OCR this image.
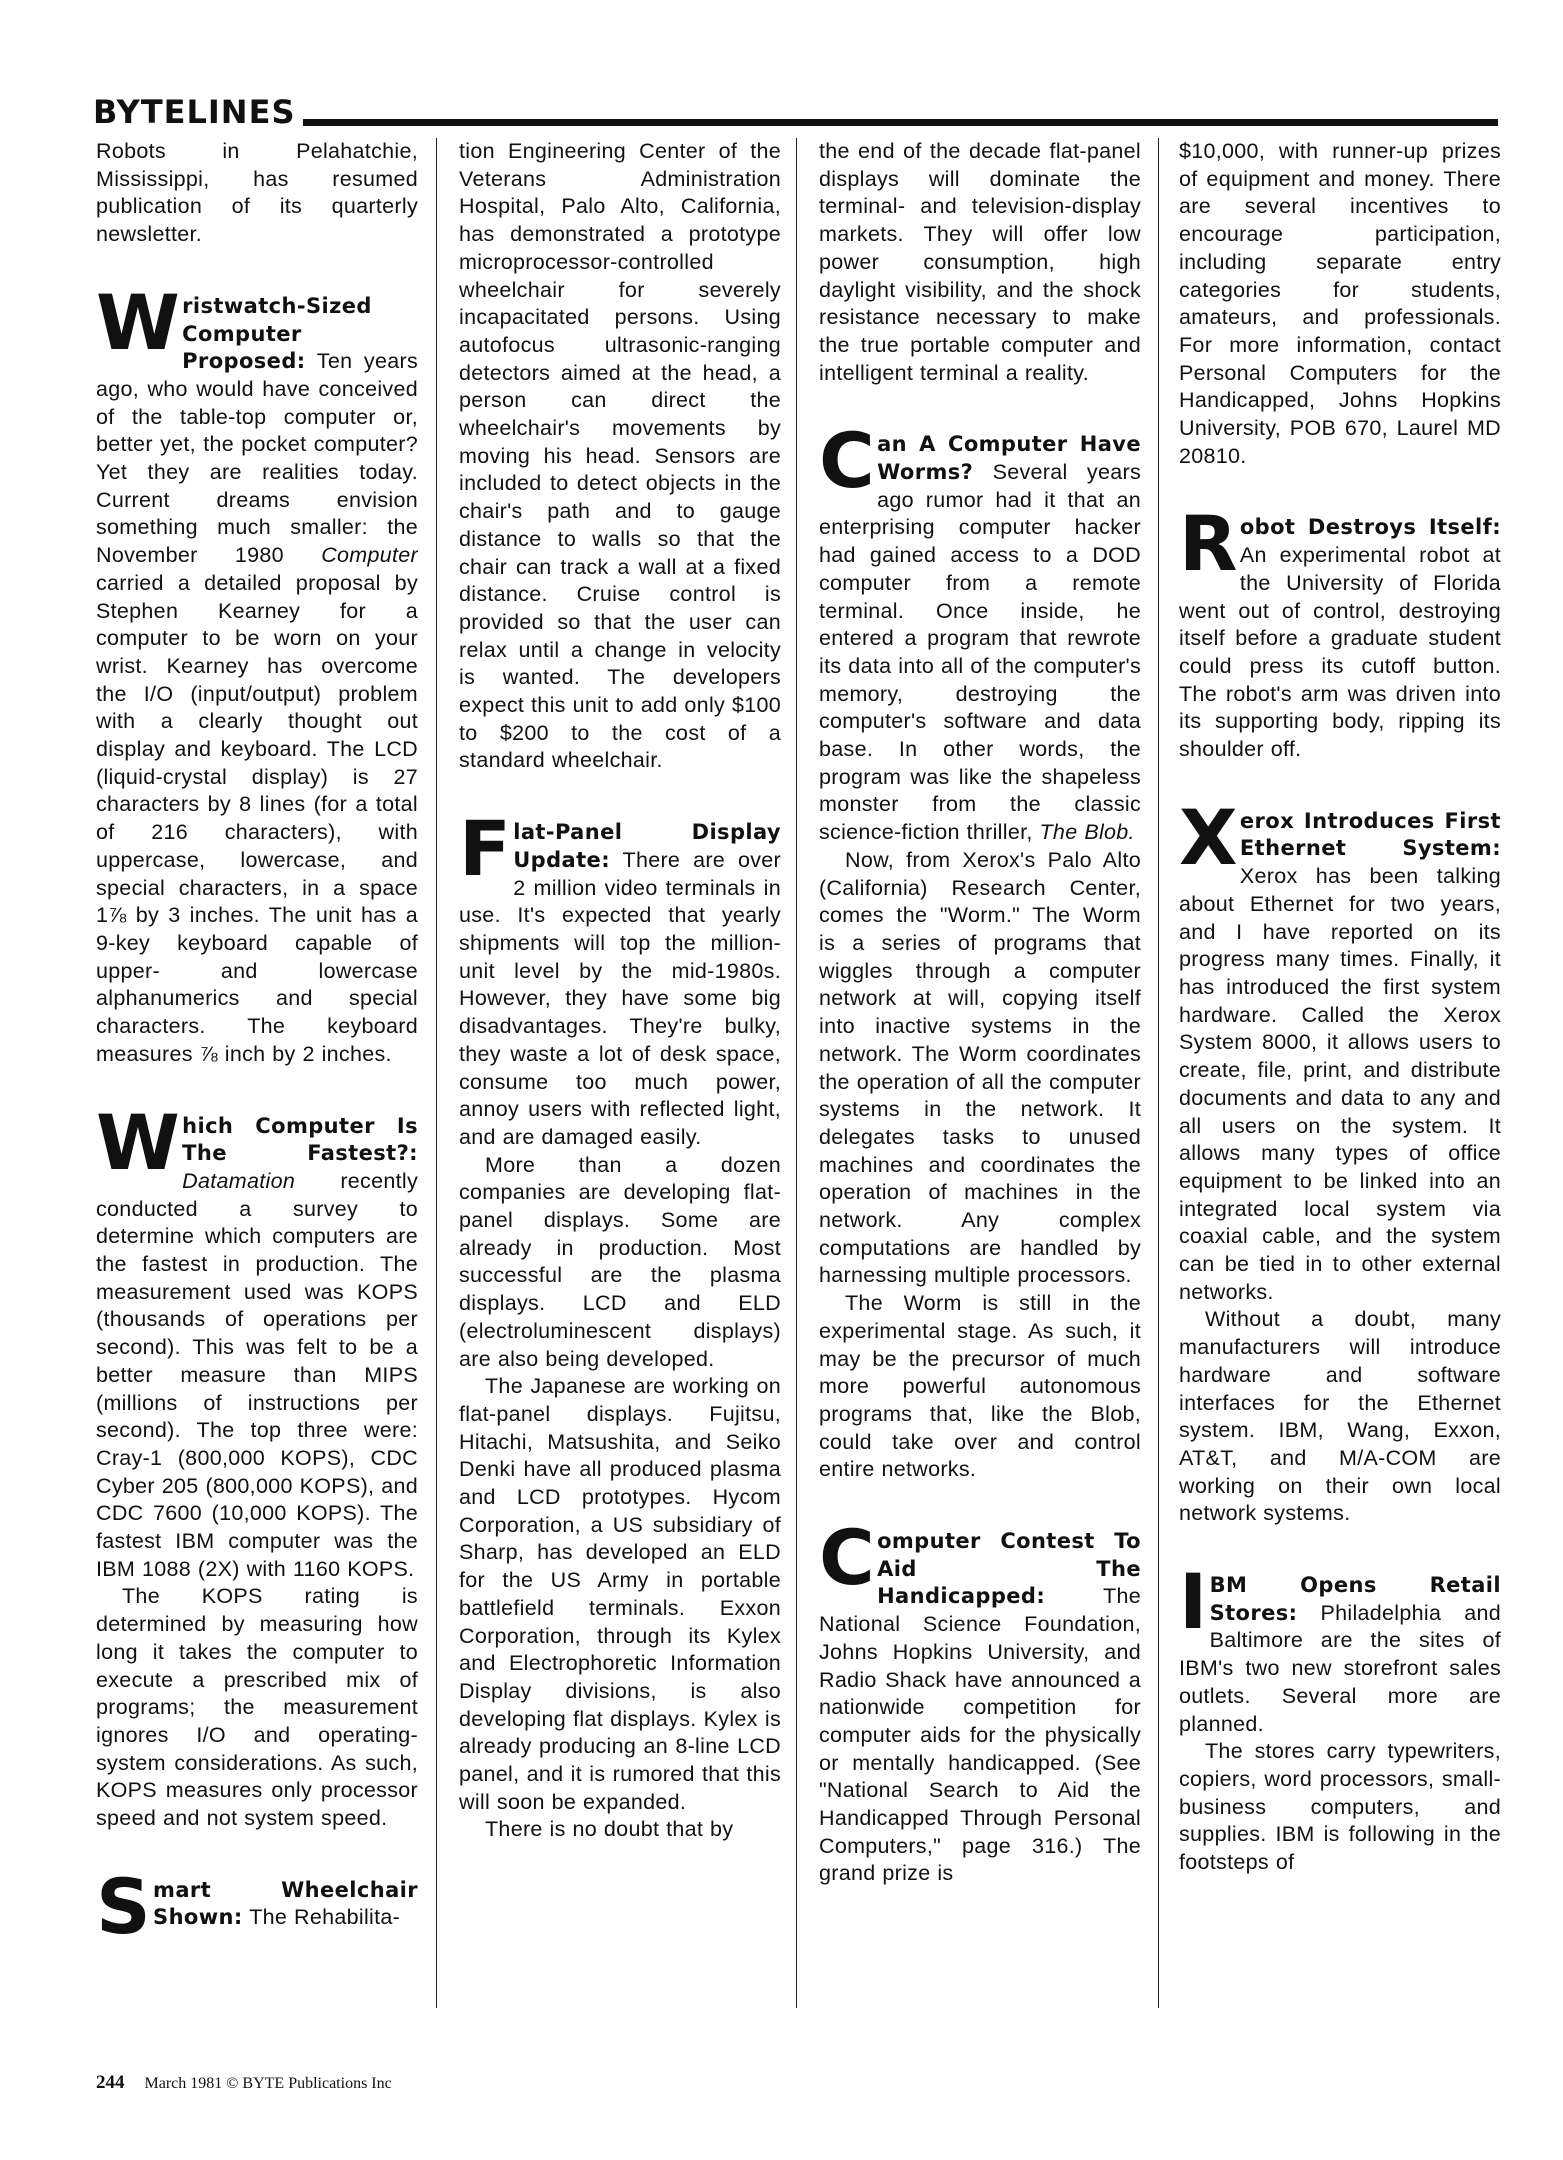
BYTELINES

Robots in Pelahatchie, Mississippi, has resumed publication of its quarterly newsletter.

Wristwatch-Sized Computer Proposed: Ten years ago, who would have conceived of the table-top computer or, better yet, the pocket computer? Yet they are realities today. Current dreams envision something much smaller: the November 1980 Computer carried a detailed proposal by Stephen Kearney for a computer to be worn on your wrist. Kearney has overcome the I/O (input/output) problem with a clearly thought out display and keyboard. The LCD (liquid-crystal display) is 27 characters by 8 lines (for a total of 216 characters), with uppercase, lowercase, and special characters, in a space 1⅞ by 3 inches. The unit has a 9-key keyboard capable of upper- and lowercase alphanumerics and special characters. The keyboard measures ⅞ inch by 2 inches.

Which Computer Is The Fastest?: Datamation recently conducted a survey to determine which computers are the fastest in production. The measurement used was KOPS (thousands of operations per second). This was felt to be a better measure than MIPS (millions of instructions per second). The top three were: Cray-1 (800,000 KOPS), CDC Cyber 205 (800,000 KOPS), and CDC 7600 (10,000 KOPS). The fastest IBM computer was the IBM 1088 (2X) with 1160 KOPS.

The KOPS rating is determined by measuring how long it takes the computer to execute a prescribed mix of programs; the measurement ignores I/O and operating-system considerations. As such, KOPS measures only processor speed and not system speed.

Smart Wheelchair Shown: The Rehabilita-

tion Engineering Center of the Veterans Administration Hospital, Palo Alto, California, has demonstrated a prototype microprocessor-controlled wheelchair for severely incapacitated persons. Using autofocus ultrasonic-ranging detectors aimed at the head, a person can direct the wheelchair's movements by moving his head. Sensors are included to detect objects in the chair's path and to gauge distance to walls so that the chair can track a wall at a fixed distance. Cruise control is provided so that the user can relax until a change in velocity is wanted. The developers expect this unit to add only $100 to $200 to the cost of a standard wheelchair.

Flat-Panel Display Update: There are over 2 million video terminals in use. It's expected that yearly shipments will top the million-unit level by the mid-1980s. However, they have some big disadvantages. They're bulky, they waste a lot of desk space, consume too much power, annoy users with reflected light, and are damaged easily.

More than a dozen companies are developing flat-panel displays. Some are already in production. Most successful are the plasma displays. LCD and ELD (electroluminescent displays) are also being developed.

The Japanese are working on flat-panel displays. Fujitsu, Hitachi, Matsushita, and Seiko Denki have all produced plasma and LCD prototypes. Hycom Corporation, a US subsidiary of Sharp, has developed an ELD for the US Army in portable battlefield terminals. Exxon Corporation, through its Kylex and Electrophoretic Information Display divisions, is also developing flat displays. Kylex is already producing an 8-line LCD panel, and it is rumored that this will soon be expanded.

There is no doubt that by

the end of the decade flat-panel displays will dominate the terminal- and television-display markets. They will offer low power consumption, high daylight visibility, and the shock resistance necessary to make the true portable computer and intelligent terminal a reality.

Can A Computer Have Worms? Several years ago rumor had it that an enterprising computer hacker had gained access to a DOD computer from a remote terminal. Once inside, he entered a program that rewrote its data into all of the computer's memory, destroying the computer's software and data base. In other words, the program was like the shapeless monster from the classic science-fiction thriller, The Blob.

Now, from Xerox's Palo Alto (California) Research Center, comes the "Worm." The Worm is a series of programs that wiggles through a computer network at will, copying itself into inactive systems in the network. The Worm coordinates the operation of all the computer systems in the network. It delegates tasks to unused machines and coordinates the operation of machines in the network. Any complex computations are handled by harnessing multiple processors.

The Worm is still in the experimental stage. As such, it may be the precursor of much more powerful autonomous programs that, like the Blob, could take over and control entire networks.

Computer Contest To Aid The Handicapped:	The National Science Foundation, Johns Hopkins University, and Radio Shack have announced a nationwide competition for computer aids for the physically or mentally handicapped. (See "National Search to Aid the Handicapped Through Personal Computers," page 316.) The grand prize is

$10,000, with runner-up prizes of equipment and money. There are several incentives to encourage participation, including separate entry categories for students, amateurs, and professionals. For more information, contact Personal Computers for the Handicapped, Johns Hopkins University, POB 670, Laurel MD 20810.

Robot Destroys Itself: An experimental robot at the University of Florida went out of control, destroying itself before a graduate student could press its cutoff button. The robot's arm was driven into its supporting body, ripping its shoulder off.

Xerox Introduces First Ethernet System: Xerox has been talking about Ethernet for two years, and I have reported on its progress many times. Finally, it has introduced the first system hardware. Called the Xerox System 8000, it allows users to create, file, print, and distribute documents and data to any and all users on the system. It allows many types of office equipment to be linked into an integrated local system via coaxial cable, and the system can be tied in to other external networks.

Without a doubt, many manufacturers will introduce hardware and software interfaces for the Ethernet system. IBM, Wang, Exxon, AT&T, and M/A-COM are working on their own local network systems.

IBM Opens Retail Stores: Philadelphia and Baltimore are the sites of IBM's two new storefront sales outlets. Several more are planned.

The stores carry typewriters, copiers, word processors, small-business computers, and supplies. IBM is following in the footsteps of

244 March 1981 © BYTE Publications Inc
